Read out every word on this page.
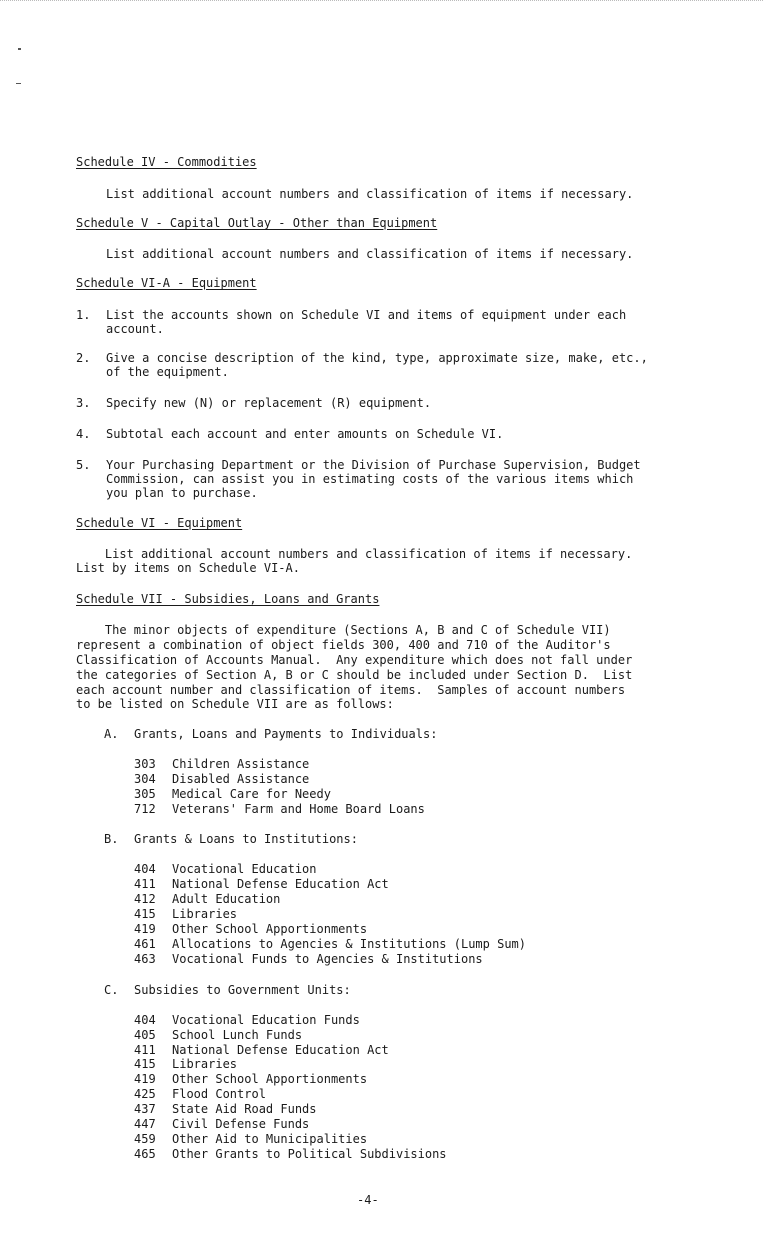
Schedule IV - Commodities
List additional account numbers and classification of items if necessary.
Schedule V - Capital Outlay - Other than Equipment
List additional account numbers and classification of items if necessary.
Schedule VI-A - Equipment
1. List the accounts shown on Schedule VI and items of equipment under each
account.
2. Give a concise description of the kind, type, approximate size, make, etc.,
of the equipment.
3. Specify new (N) or replacement (R) equipment.
4. Subtotal each account and enter amounts on Schedule VI.
5. Your Purchasing Department or the Division of Purchase Supervision, Budget
Commission, can assist you in estimating costs of the various items which
you plan to purchase.
Schedule VI - Equipment
List additional account numbers and classification of items if necessary.
List by items on Schedule VI-A.
Schedule VII - Subsidies, Loans and Grants
The minor objects of expenditure (Sections A, B and C of Schedule VII)
represent a combination of object fields 300, 400 and 710 of the Auditor's
Classification of Accounts Manual.  Any expenditure which does not fall under
the categories of Section A, B or C should be included under Section D.  List
each account number and classification of items.  Samples of account numbers
to be listed on Schedule VII are as follows:
A. Grants, Loans and Payments to Individuals:
303 Children Assistance
304 Disabled Assistance
305 Medical Care for Needy
712 Veterans' Farm and Home Board Loans
B. Grants & Loans to Institutions:
404 Vocational Education
411 National Defense Education Act
412 Adult Education
415 Libraries
419 Other School Apportionments
461 Allocations to Agencies & Institutions (Lump Sum)
463 Vocational Funds to Agencies & Institutions
C. Subsidies to Government Units:
404 Vocational Education Funds
405 School Lunch Funds
411 National Defense Education Act
415 Libraries
419 Other School Apportionments
425 Flood Control
437 State Aid Road Funds
447 Civil Defense Funds
459 Other Aid to Municipalities
465 Other Grants to Political Subdivisions
-4-
